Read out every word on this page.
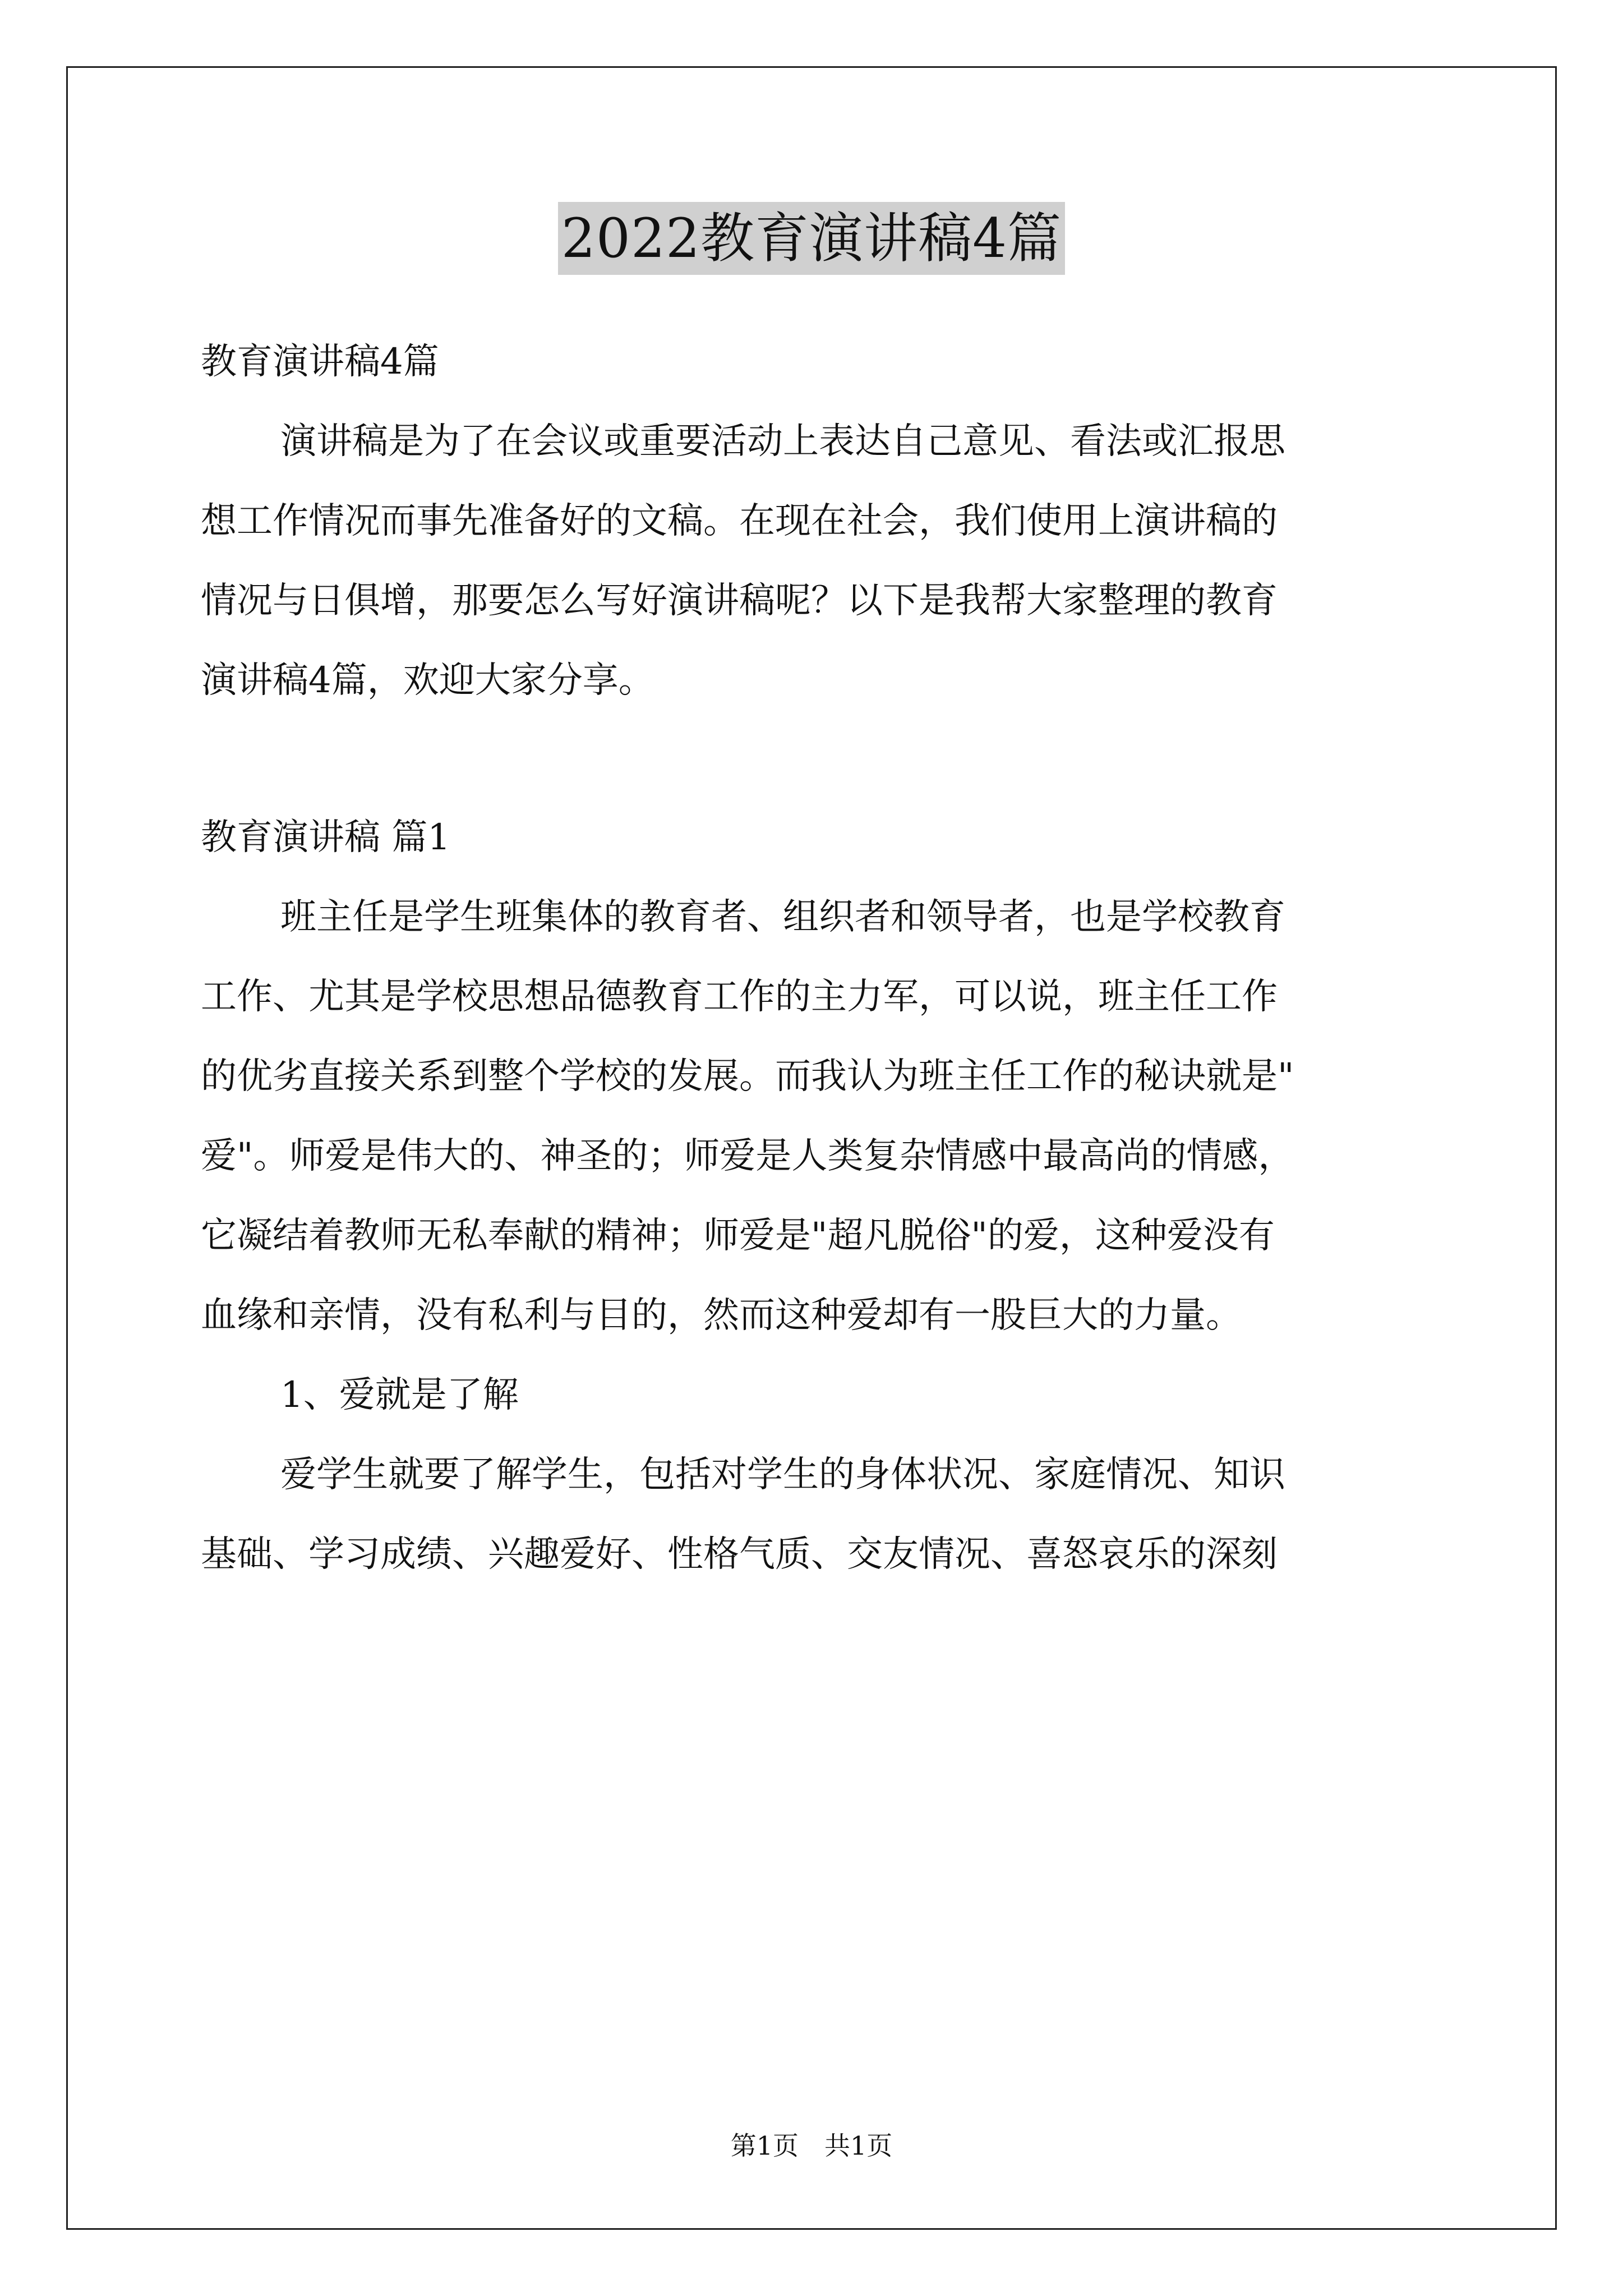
2022教育演讲稿4篇
教育演讲稿4篇
演讲稿是为了在会议或重要活动上表达自己意见、看法或汇报思
想工作情况而事先准备好的文稿。在现在社会，我们使用上演讲稿的
情况与日俱增，那要怎么写好演讲稿呢？以下是我帮大家整理的教育
演讲稿4篇，欢迎大家分享。
教育演讲稿 篇1
班主任是学生班集体的教育者、组织者和领导者，也是学校教育
工作、尤其是学校思想品德教育工作的主力军，可以说，班主任工作
的优劣直接关系到整个学校的发展。而我认为班主任工作的秘诀就是"
爱"。师爱是伟大的、神圣的；师爱是人类复杂情感中最高尚的情感，
它凝结着教师无私奉献的精神；师爱是"超凡脱俗"的爱，这种爱没有
血缘和亲情，没有私利与目的，然而这种爱却有一股巨大的力量。
1、爱就是了解
爱学生就要了解学生，包括对学生的身体状况、家庭情况、知识
基础、学习成绩、兴趣爱好、性格气质、交友情况、喜怒哀乐的深刻
第1页　共1页
